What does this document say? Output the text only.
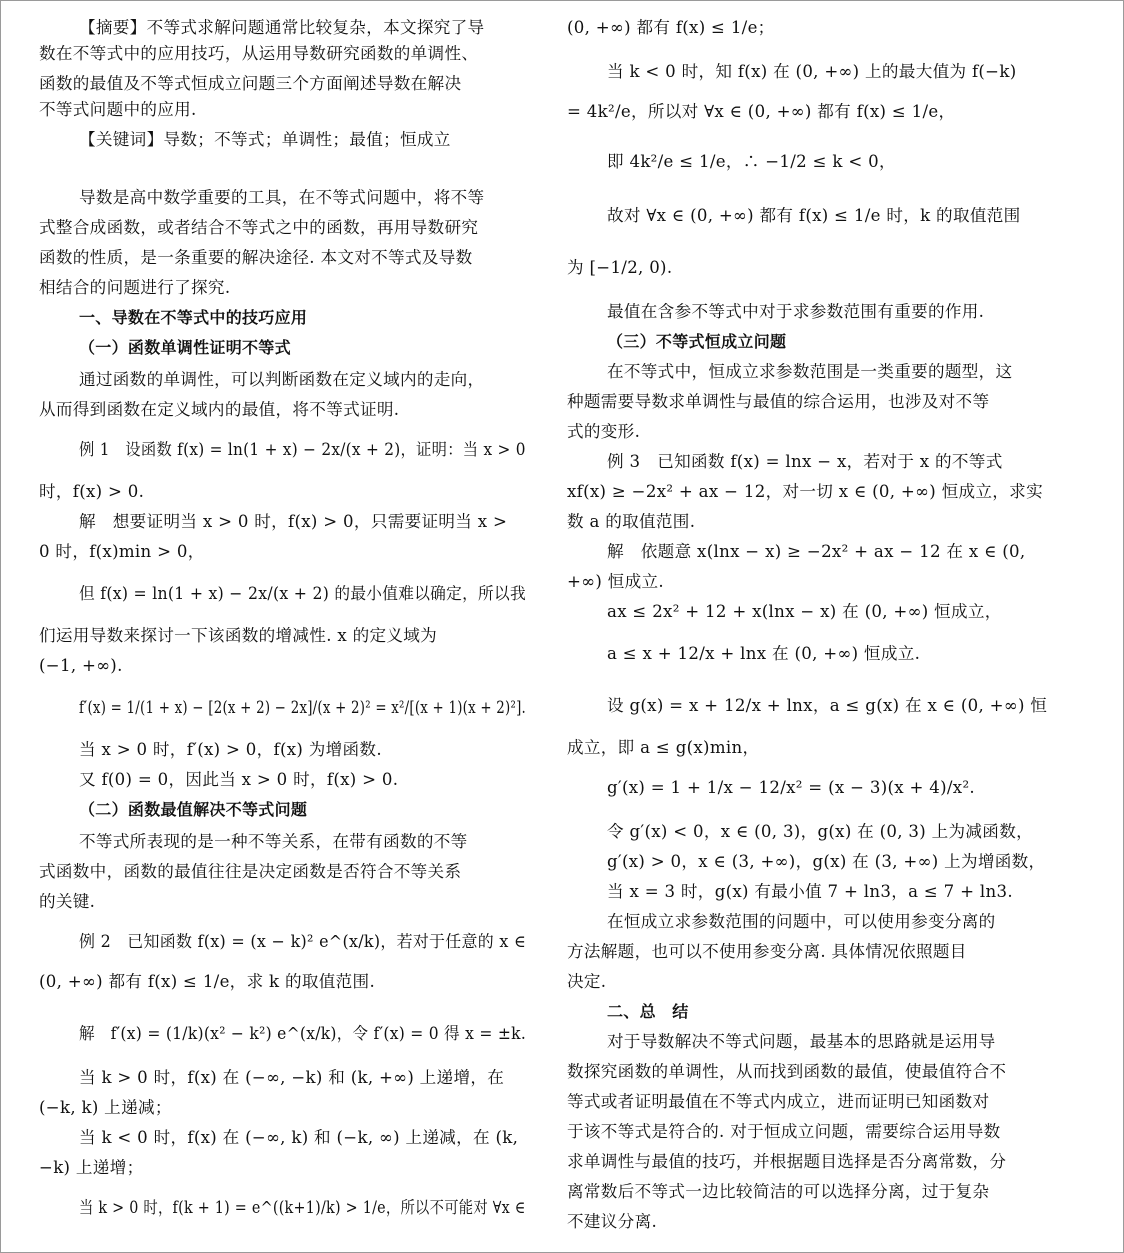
【摘要】不等式求解问题通常比较复杂，本文探究了导
数在不等式中的应用技巧，从运用导数研究函数的单调性、
函数的最值及不等式恒成立问题三个方面阐述导数在解决
不等式问题中的应用.
【关键词】导数；不等式；单调性；最值；恒成立
导数是高中数学重要的工具，在不等式问题中，将不等
式整合成函数，或者结合不等式之中的函数，再用导数研究
函数的性质，是一条重要的解决途径. 本文对不等式及导数
相结合的问题进行了探究.
一、导数在不等式中的技巧应用
（一）函数单调性证明不等式
通过函数的单调性，可以判断函数在定义域内的走向，
从而得到函数在定义域内的最值，将不等式证明.
例 1　设函数 f(x) = ln(1 + x) − 2x/(x + 2)，证明：当 x > 0
时，f(x) > 0.
解　想要证明当 x > 0 时，f(x) > 0，只需要证明当 x >
0 时，f(x)min > 0，
但 f(x) = ln(1 + x) − 2x/(x + 2) 的最小值难以确定，所以我
们运用导数来探讨一下该函数的增减性. x 的定义域为
(−1, +∞).
f′(x) = 1/(1 + x) − [2(x + 2) − 2x]/(x + 2)² = x²/[(x + 1)(x + 2)²].
当 x > 0 时，f′(x) > 0，f(x) 为增函数.
又 f(0) = 0，因此当 x > 0 时，f(x) > 0.
（二）函数最值解决不等式问题
不等式所表现的是一种不等关系，在带有函数的不等
式函数中，函数的最值往往是决定函数是否符合不等关系
的关键.
例 2　已知函数 f(x) = (x − k)² e^(x/k)，若对于任意的 x ∈
(0, +∞) 都有 f(x) ≤ 1/e，求 k 的取值范围.
解　f′(x) = (1/k)(x² − k²) e^(x/k)，令 f′(x) = 0 得 x = ±k.
当 k > 0 时，f(x) 在 (−∞, −k) 和 (k, +∞) 上递增，在
(−k, k) 上递减；
当 k < 0 时，f(x) 在 (−∞, k) 和 (−k, ∞) 上递减，在 (k,
−k) 上递增；
当 k > 0 时，f(k + 1) = e^((k+1)/k) > 1/e，所以不可能对 ∀x ∈
(0, +∞) 都有 f(x) ≤ 1/e；
当 k < 0 时，知 f(x) 在 (0, +∞) 上的最大值为 f(−k)
= 4k²/e，所以对 ∀x ∈ (0, +∞) 都有 f(x) ≤ 1/e，
即 4k²/e ≤ 1/e，∴ −1/2 ≤ k < 0，
故对 ∀x ∈ (0, +∞) 都有 f(x) ≤ 1/e 时，k 的取值范围
为 [−1/2, 0).
最值在含参不等式中对于求参数范围有重要的作用.
（三）不等式恒成立问题
在不等式中，恒成立求参数范围是一类重要的题型，这
种题需要导数求单调性与最值的综合运用，也涉及对不等
式的变形.
例 3　已知函数 f(x) = lnx − x，若对于 x 的不等式
xf(x) ≥ −2x² + ax − 12，对一切 x ∈ (0, +∞) 恒成立，求实
数 a 的取值范围.
解　依题意 x(lnx − x) ≥ −2x² + ax − 12 在 x ∈ (0,
+∞) 恒成立.
ax ≤ 2x² + 12 + x(lnx − x) 在 (0, +∞) 恒成立，
a ≤ x + 12/x + lnx 在 (0, +∞) 恒成立.
设 g(x) = x + 12/x + lnx，a ≤ g(x) 在 x ∈ (0, +∞) 恒
成立，即 a ≤ g(x)min，
g′(x) = 1 + 1/x − 12/x² = (x − 3)(x + 4)/x².
令 g′(x) < 0，x ∈ (0, 3)，g(x) 在 (0, 3) 上为减函数，
g′(x) > 0，x ∈ (3, +∞)，g(x) 在 (3, +∞) 上为增函数，
当 x = 3 时，g(x) 有最小值 7 + ln3，a ≤ 7 + ln3.
在恒成立求参数范围的问题中，可以使用参变分离的
方法解题，也可以不使用参变分离. 具体情况依照题目
决定.
二、总　结
对于导数解决不等式问题，最基本的思路就是运用导
数探究函数的单调性，从而找到函数的最值，使最值符合不
等式或者证明最值在不等式内成立，进而证明已知函数对
于该不等式是符合的. 对于恒成立问题，需要综合运用导数
求单调性与最值的技巧，并根据题目选择是否分离常数，分
离常数后不等式一边比较简洁的可以选择分离，过于复杂
不建议分离.
